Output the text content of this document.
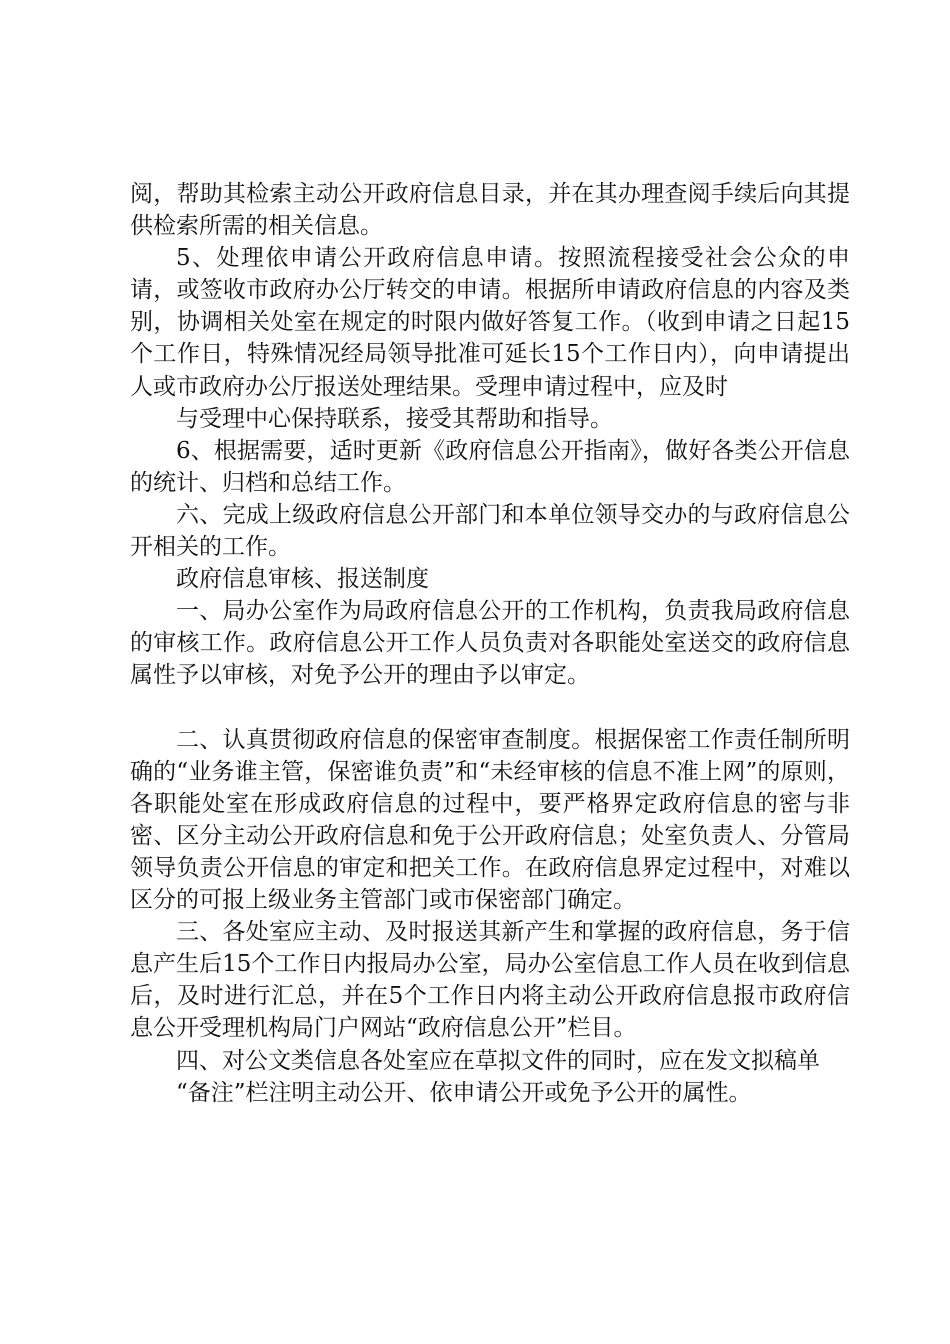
阅，帮助其检索主动公开政府信息目录，并在其办理查阅手续后向其提供检索所需的相关信息。

5、处理依申请公开政府信息申请。按照流程接受社会公众的申请，或签收市政府办公厅转交的申请。根据所申请政府信息的内容及类别，协调相关处室在规定的时限内做好答复工作。（收到申请之日起15个工作日，特殊情况经局领导批准可延长15个工作日内），向申请提出人或市政府办公厅报送处理结果。受理申请过程中，应及时

与受理中心保持联系，接受其帮助和指导。

6、根据需要，适时更新《政府信息公开指南》，做好各类公开信息的统计、归档和总结工作。

六、完成上级政府信息公开部门和本单位领导交办的与政府信息公开相关的工作。

政府信息审核、报送制度

一、局办公室作为局政府信息公开的工作机构，负责我局政府信息的审核工作。政府信息公开工作人员负责对各职能处室送交的政府信息属性予以审核，对免予公开的理由予以审定。

二、认真贯彻政府信息的保密审查制度。根据保密工作责任制所明确的“业务谁主管，保密谁负责”和“未经审核的信息不准上网”的原则，各职能处室在形成政府信息的过程中，要严格界定政府信息的密与非密、区分主动公开政府信息和免于公开政府信息；处室负责人、分管局领导负责公开信息的审定和把关工作。在政府信息界定过程中，对难以区分的可报上级业务主管部门或市保密部门确定。

三、各处室应主动、及时报送其新产生和掌握的政府信息，务于信息产生后15个工作日内报局办公室，局办公室信息工作人员在收到信息后，及时进行汇总，并在5个工作日内将主动公开政府信息报市政府信息公开受理机构局门户网站“政府信息公开”栏目。

四、对公文类信息各处室应在草拟文件的同时，应在发文拟稿单

“备注”栏注明主动公开、依申请公开或免予公开的属性。
